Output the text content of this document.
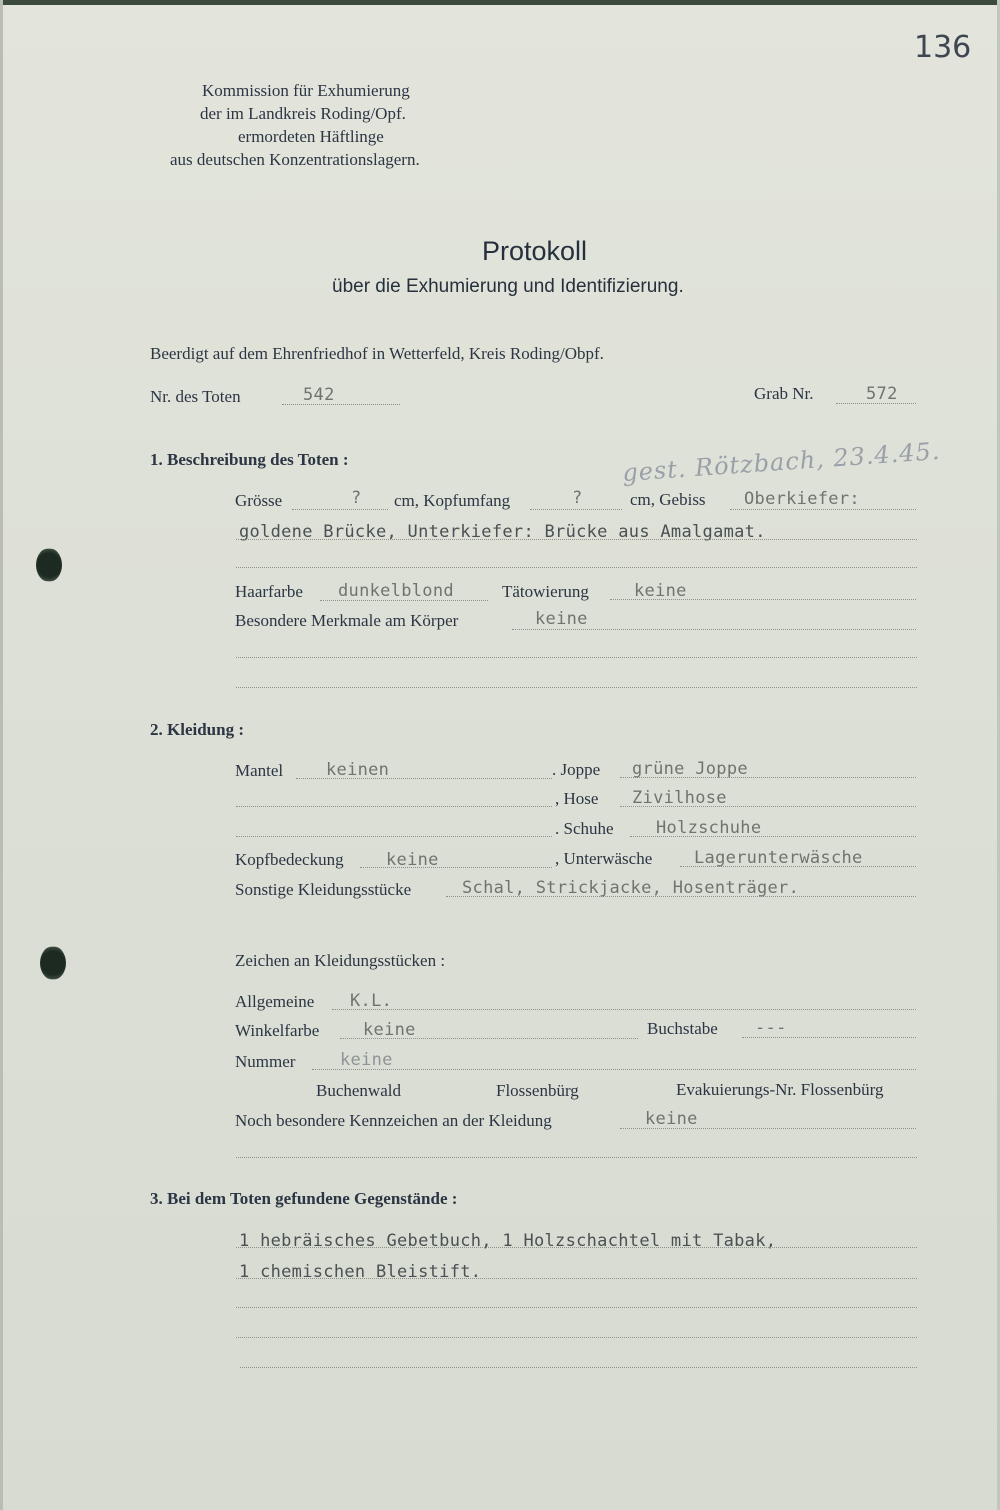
136
Kommission für Exhumierung
der im Landkreis Roding/Opf.
ermordeten Häftlinge
aus deutschen Konzentrationslagern.
Protokoll
über die Exhumierung und Identifizierung.
Beerdigt auf dem Ehrenfriedhof in Wetterfeld, Kreis Roding/Obpf.
Nr. des Toten	542	Grab Nr.	572
gest. Rötzbach, 23.4.45.
1. Beschreibung des Toten :
Grösse	? cm, Kopfumfang	?	cm, Gebiss Oberkiefer:
goldene Brücke, Unterkiefer: Brücke aus Amalgamat.
Haarfarbe dunkelblond	Tätowierung	keine
Besondere Merkmale am Körper	keine
2. Kleidung :
Mantel	keinen	. Joppe grüne Joppe
, Hose Zivilhose
. Schuhe Holzschuhe
Kopfbedeckung keine	, Unterwäsche Lagerunterwäsche
Sonstige Kleidungsstücke	Schal, Strickjacke, Hosenträger.
Zeichen an Kleidungsstücken :
Allgemeine K.L.
Winkelfarbe	keine	Buchstabe ---
Nummer	keine
Buchenwald	Flossenbürg	Evakuierungs-Nr. Flossenbürg
Noch besondere Kennzeichen an der Kleidung	keine
3. Bei dem Toten gefundene Gegenstände :
1 hebräisches Gebetbuch, 1 Holzschachtel mit Tabak,
1 chemischen Bleistift.
